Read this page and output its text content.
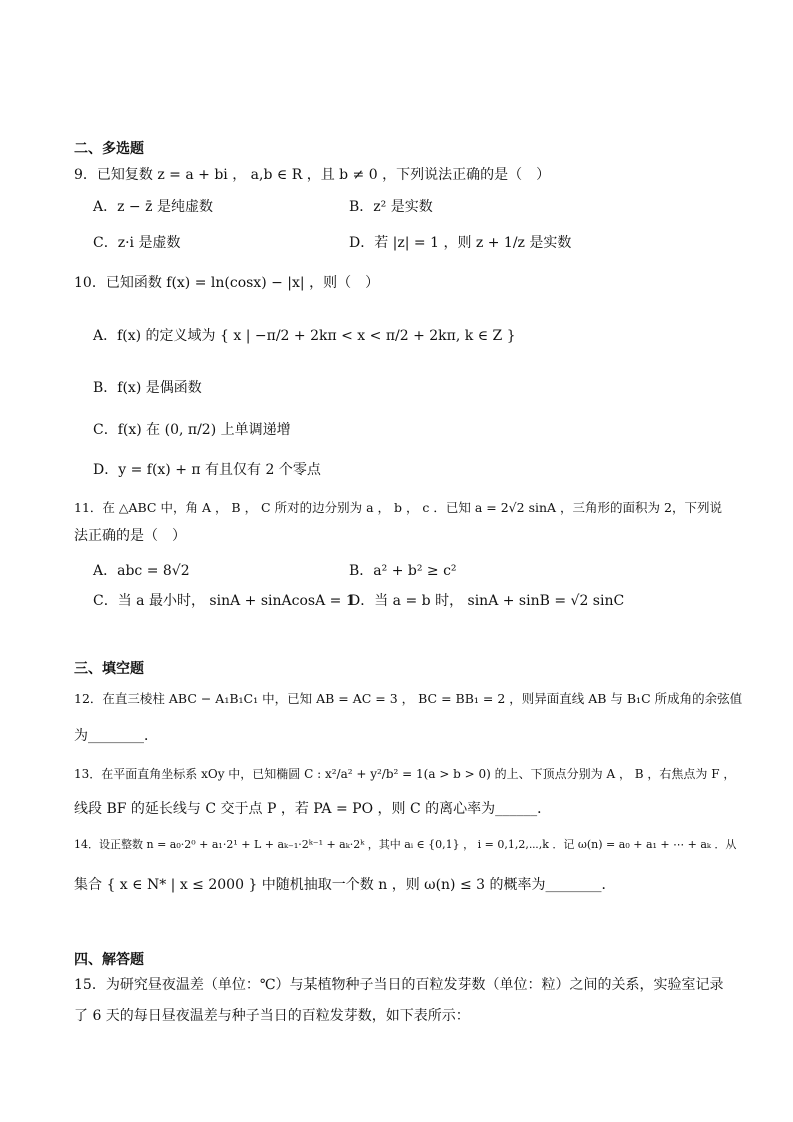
二、多选题
9．已知复数 z = a + bi ， a,b ∈ R ，且 b ≠ 0 ，下列说法正确的是（　）
A．z − z̄ 是纯虚数	B．z² 是实数
C．z·i 是虚数	D．若 |z| = 1 ，则 z + 1/z 是实数
10．已知函数 f(x) = ln(cosx) − |x| ，则（　）
A．f(x) 的定义域为 { x | −π/2 + 2kπ < x < π/2 + 2kπ, k ∈ Z }
B．f(x) 是偶函数
C．f(x) 在 (0, π/2) 上单调递增
D．y = f(x) + π 有且仅有 2 个零点
11．在 △ABC 中，角 A ， B ， C 所对的边分别为 a ， b ， c ．已知 a = 2√2 sinA ，三角形的面积为 2，下列说
法正确的是（　）
A．abc = 8√2	B．a² + b² ≥ c²
C．当 a 最小时， sinA + sinAcosA = 1
D．当 a = b 时， sinA + sinB = √2 sinC
三、填空题
12．在直三棱柱 ABC − A₁B₁C₁ 中，已知 AB = AC = 3 ， BC = BB₁ = 2 ，则异面直线 AB 与 B₁C 所成角的余弦值
为________．
13．在平面直角坐标系 xOy 中，已知椭圆 C : x²/a² + y²/b² = 1(a > b > 0) 的上、下顶点分别为 A ， B ，右焦点为 F ，
线段 BF 的延长线与 C 交于点 P ，若 PA = PO ，则 C 的离心率为______．
14．设正整数 n = a₀·2⁰ + a₁·2¹ + L + aₖ₋₁·2ᵏ⁻¹ + aₖ·2ᵏ ，其中 aᵢ ∈ {0,1} ， i = 0,1,2,⋯,k ．记 ω(n) = a₀ + a₁ + ⋯ + aₖ ．从
集合 { x ∈ N* | x ≤ 2000 } 中随机抽取一个数 n ，则 ω(n) ≤ 3 的概率为________．
四、解答题
15．为研究昼夜温差（单位：℃）与某植物种子当日的百粒发芽数（单位：粒）之间的关系，实验室记录
了 6 天的每日昼夜温差与种子当日的百粒发芽数，如下表所示：
